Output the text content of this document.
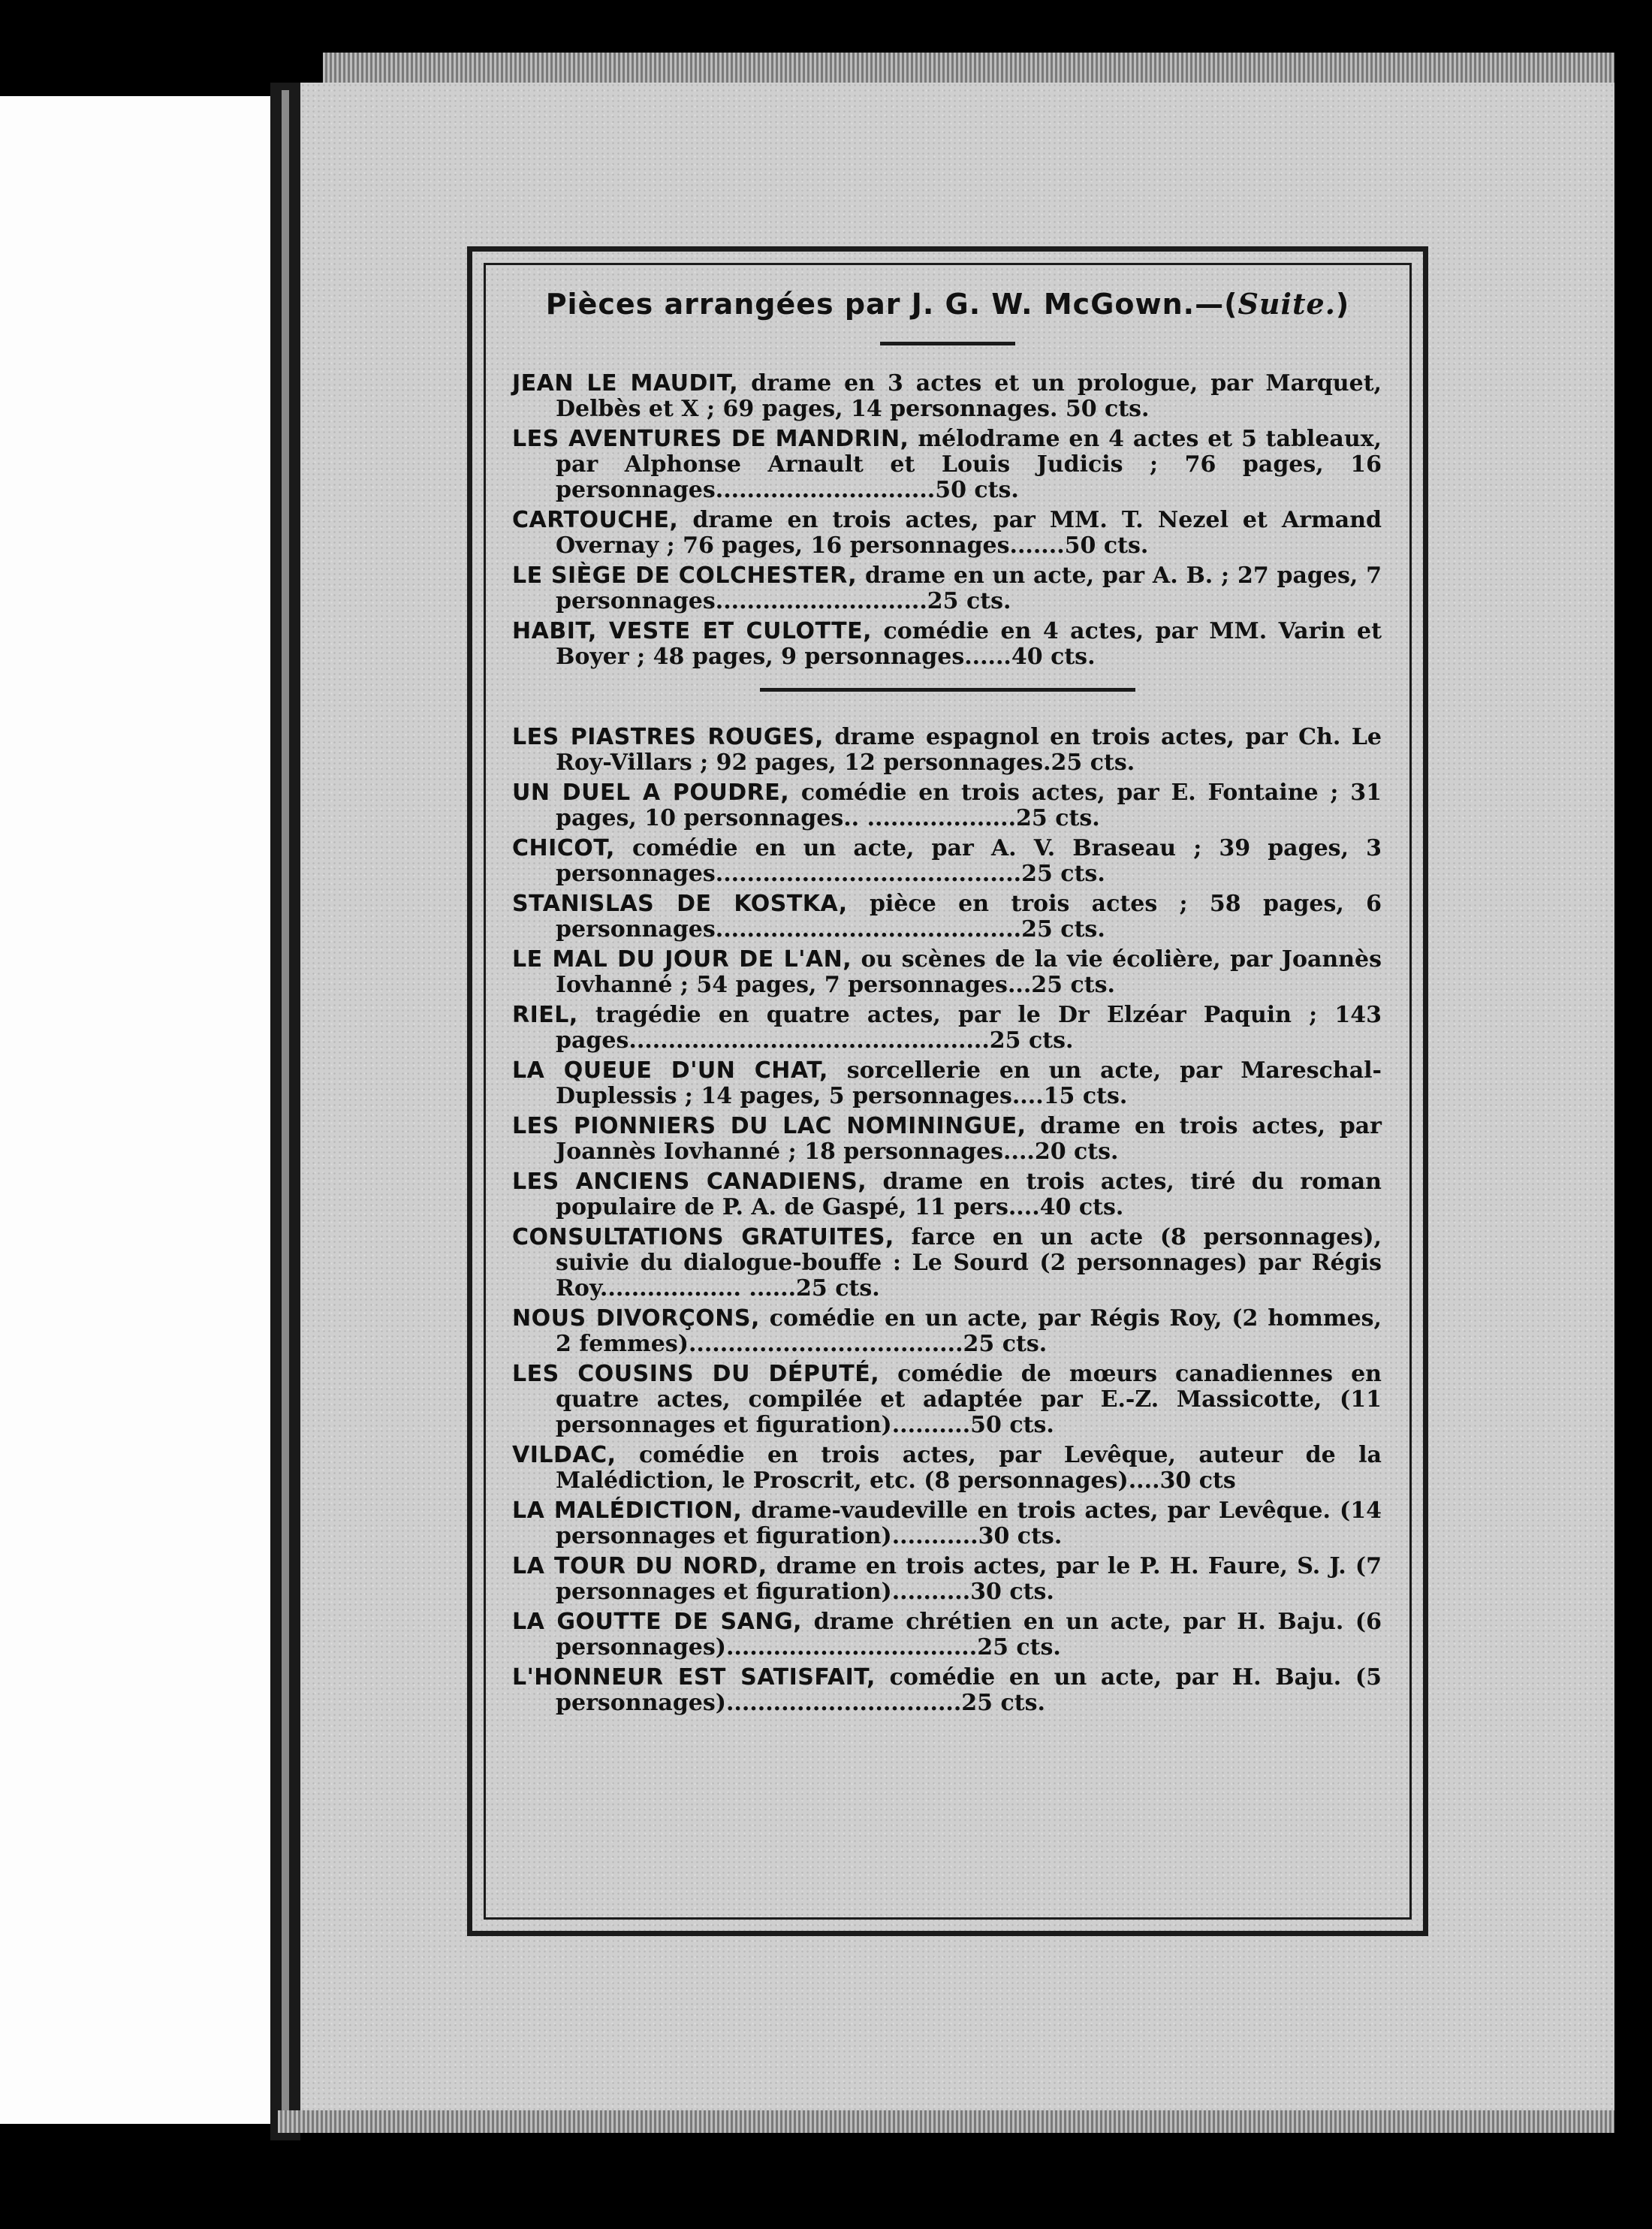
Pièces arrangées par J. G. W. McGown.—(Suite.)
JEAN LE MAUDIT, drame en 3 actes et un prologue, par Marquet, Delbès et X ; 69 pages, 14 personnages. 50 cts.
LES AVENTURES DE MANDRIN, mélodrame en 4 actes et 5 tableaux, par Alphonse Arnault et Louis Judicis ; 76 pages, 16 personnages............................50 cts.
CARTOUCHE, drame en trois actes, par MM. T. Nezel et Armand Overnay ; 76 pages, 16 personnages.......50 cts.
LE SIÈGE DE COLCHESTER, drame en un acte, par A. B. ; 27 pages, 7 personnages...........................25 cts.
HABIT, VESTE ET CULOTTE, comédie en 4 actes, par MM. Varin et Boyer ; 48 pages, 9 personnages......40 cts.
LES PIASTRES ROUGES, drame espagnol en trois actes, par Ch. Le Roy-Villars ; 92 pages, 12 personnages.25 cts.
UN DUEL A POUDRE, comédie en trois actes, par E. Fontaine ; 31 pages, 10 personnages.. ...................25 cts.
CHICOT, comédie en un acte, par A. V. Braseau ; 39 pages, 3 personnages.......................................25 cts.
STANISLAS DE KOSTKA, pièce en trois actes ; 58 pages, 6 personnages.......................................25 cts.
LE MAL DU JOUR DE L'AN, ou scènes de la vie écolière, par Joannès Iovhanné ; 54 pages, 7 personnages...25 cts.
RIEL, tragédie en quatre actes, par le Dr Elzéar Paquin ; 143 pages..............................................25 cts.
LA QUEUE D'UN CHAT, sorcellerie en un acte, par Mareschal-Duplessis ; 14 pages, 5 personnages....15 cts.
LES PIONNIERS DU LAC NOMININGUE, drame en trois actes, par Joannès Iovhanné ; 18 personnages....20 cts.
LES ANCIENS CANADIENS, drame en trois actes, tiré du roman populaire de P. A. de Gaspé, 11 pers....40 cts.
CONSULTATIONS GRATUITES, farce en un acte (8 personnages), suivie du dialogue-bouffe : Le Sourd (2 personnages) par Régis Roy.................. ......25 cts.
NOUS DIVORÇONS, comédie en un acte, par Régis Roy, (2 hommes, 2 femmes)...................................25 cts.
LES COUSINS DU DÉPUTÉ, comédie de mœurs canadiennes en quatre actes, compilée et adaptée par E.-Z. Massicotte, (11 personnages et figuration)..........50 cts.
VILDAC, comédie en trois actes, par Levêque, auteur de la Malédiction, le Proscrit, etc. (8 personnages)....30 cts
LA MALÉDICTION, drame-vaudeville en trois actes, par Levêque. (14 personnages et figuration)...........30 cts.
LA TOUR DU NORD, drame en trois actes, par le P. H. Faure, S. J. (7 personnages et figuration)..........30 cts.
LA GOUTTE DE SANG, drame chrétien en un acte, par H. Baju. (6 personnages)................................25 cts.
L'HONNEUR EST SATISFAIT, comédie en un acte, par H. Baju. (5 personnages)..............................25 cts.
